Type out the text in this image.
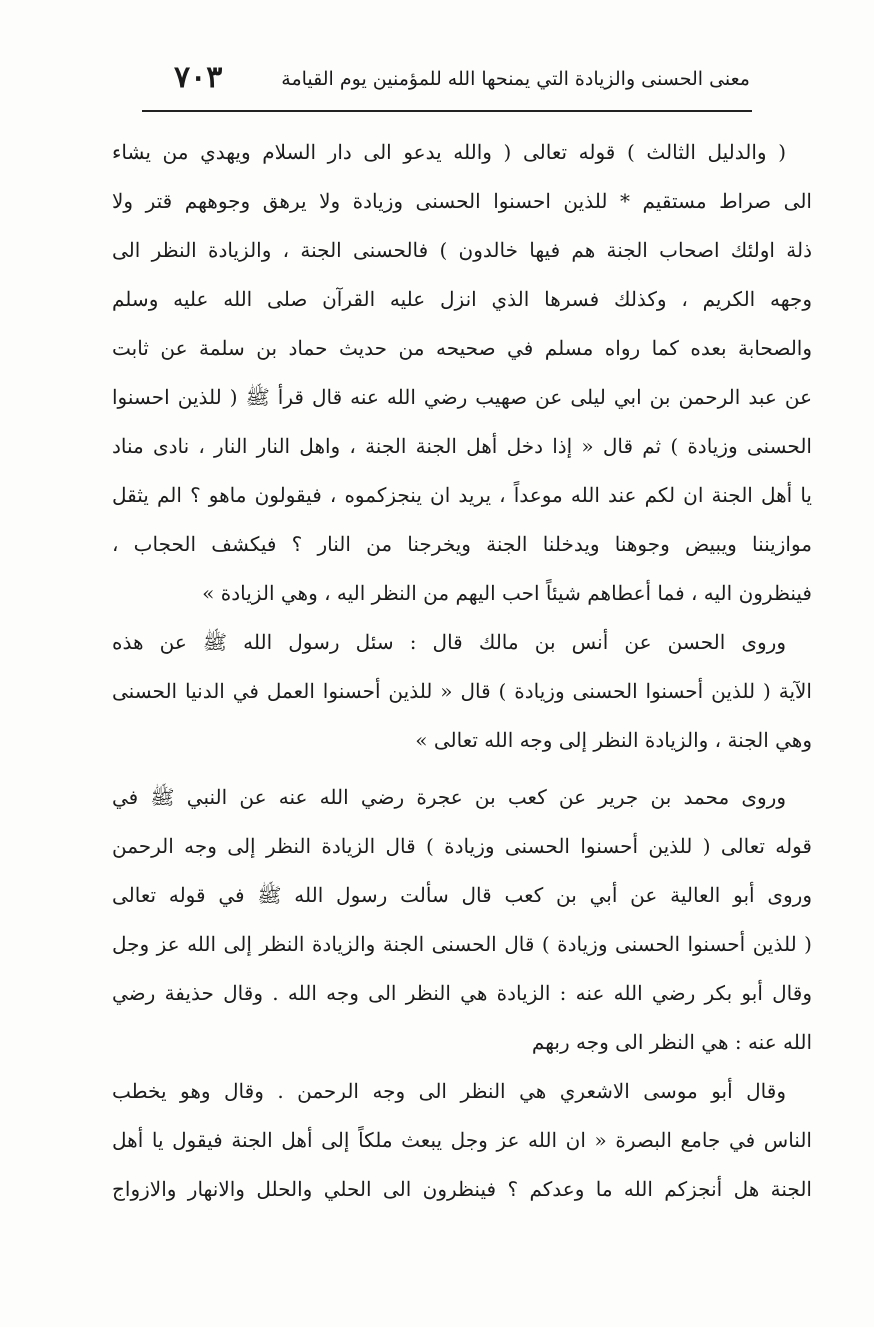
معنى الحسنى والزيادة التي يمنحها الله للمؤمنين يوم القيامة
٧٠٣
( والدليل الثالث ) قوله تعالى ( والله يدعو الى دار السلام ويهدي من يشاء
الى صراط مستقيم * للذين احسنوا الحسنى وزيادة ولا يرهق وجوههم قتر ولا
ذلة اولئك اصحاب الجنة هم فيها خالدون ) فالحسنى الجنة ، والزيادة النظر الى
وجهه الكريم ، وكذلك فسرها الذي انزل عليه القرآن صلى الله عليه وسلم
والصحابة بعده كما رواه مسلم في صحيحه من حديث حماد بن سلمة عن ثابت
عن عبد الرحمن بن ابي ليلى عن صهيب رضي الله عنه قال قرأ ﷺ ( للذين احسنوا
الحسنى وزيادة ) ثم قال « إذا دخل أهل الجنة الجنة ، واهل النار النار ، نادى مناد
يا أهل الجنة ان لكم عند الله موعداً ، يريد ان ينجزكموه ، فيقولون ماهو ؟ الم يثقل
موازيننا ويبيض وجوهنا ويدخلنا الجنة ويخرجنا من النار ؟ فيكشف الحجاب ،
فينظرون اليه ، فما أعطاهم شيئاً احب اليهم من النظر اليه ، وهي الزيادة »
وروى الحسن عن أنس بن مالك قال : سئل رسول الله ﷺ عن هذه
الآية ( للذين أحسنوا الحسنى وزيادة ) قال « للذين أحسنوا العمل في الدنيا الحسنى
وهي الجنة ، والزيادة النظر إلى وجه الله تعالى »
وروى محمد بن جرير عن كعب بن عجرة رضي الله عنه عن النبي ﷺ في
قوله تعالى ( للذين أحسنوا الحسنى وزيادة ) قال الزيادة النظر إلى وجه الرحمن
وروى أبو العالية عن أبي بن كعب قال سألت رسول الله ﷺ في قوله تعالى
( للذين أحسنوا الحسنى وزيادة ) قال الحسنى الجنة والزيادة النظر إلى الله عز وجل
وقال أبو بكر رضي الله عنه : الزيادة هي النظر الى وجه الله . وقال حذيفة رضي
الله عنه : هي النظر الى وجه ربهم
وقال أبو موسى الاشعري هي النظر الى وجه الرحمن . وقال وهو يخطب
الناس في جامع البصرة « ان الله عز وجل يبعث ملكاً إلى أهل الجنة فيقول يا أهل
الجنة هل أنجزكم الله ما وعدكم ؟ فينظرون الى الحلي والحلل والانهار والازواج
